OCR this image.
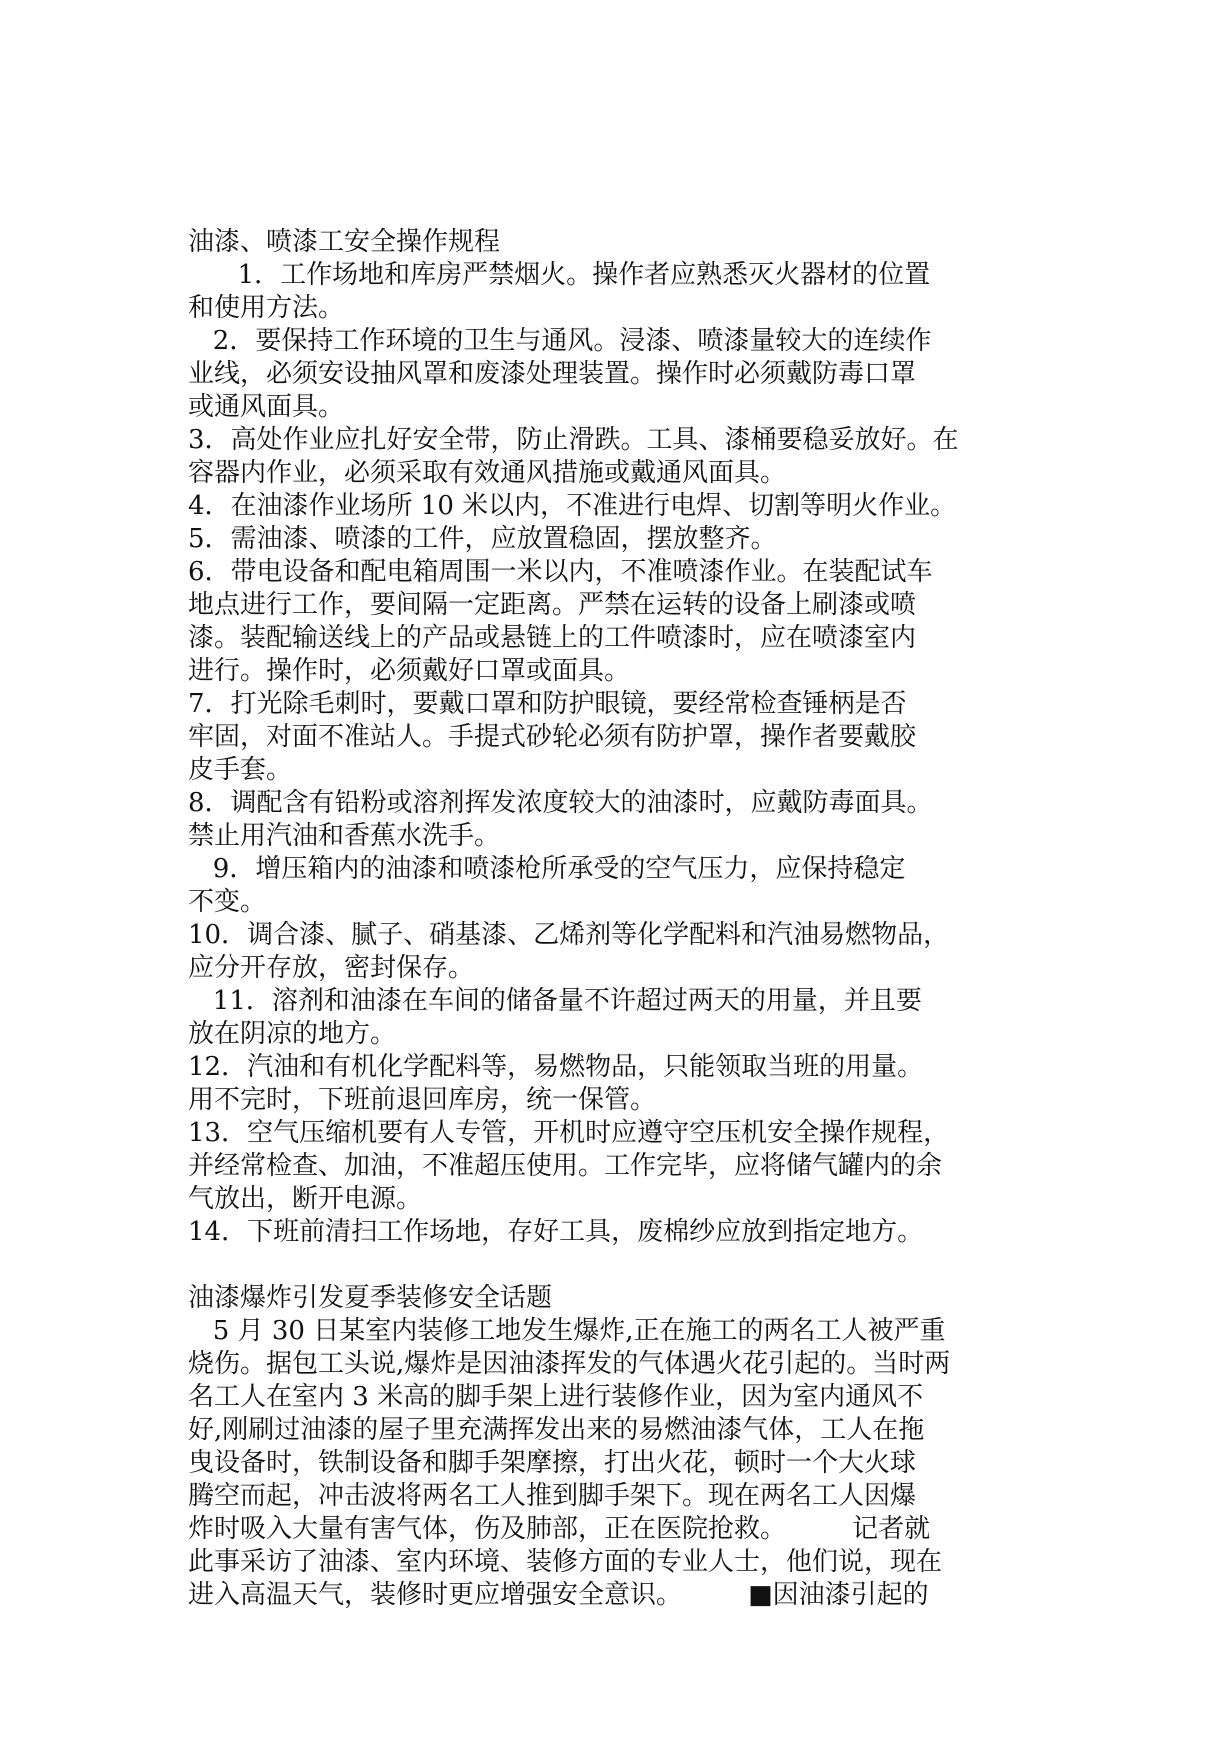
油漆、喷漆工安全操作规程
1．工作场地和库房严禁烟火。操作者应熟悉灭火器材的位置
和使用方法。
2．要保持工作环境的卫生与通风。浸漆、喷漆量较大的连续作
业线，必须安设抽风罩和废漆处理装置。操作时必须戴防毒口罩
或通风面具。
3．高处作业应扎好安全带，防止滑跌。工具、漆桶要稳妥放好。在
容器内作业，必须采取有效通风措施或戴通风面具。
4．在油漆作业场所 10 米以内，不准进行电焊、切割等明火作业。
5．需油漆、喷漆的工件，应放置稳固，摆放整齐。
6．带电设备和配电箱周围一米以内，不准喷漆作业。在装配试车
地点进行工作，要间隔一定距离。严禁在运转的设备上刷漆或喷
漆。装配输送线上的产品或悬链上的工件喷漆时，应在喷漆室内
进行。操作时，必须戴好口罩或面具。
7．打光除毛刺时，要戴口罩和防护眼镜，要经常检查锤柄是否
牢固，对面不准站人。手提式砂轮必须有防护罩，操作者要戴胶
皮手套。
8．调配含有铅粉或溶剂挥发浓度较大的油漆时，应戴防毒面具。
禁止用汽油和香蕉水洗手。
9．增压箱内的油漆和喷漆枪所承受的空气压力，应保持稳定
不变。
10．调合漆、腻子、硝基漆、乙烯剂等化学配料和汽油易燃物品，
应分开存放，密封保存。
11．溶剂和油漆在车间的储备量不许超过两天的用量，并且要
放在阴凉的地方。
12．汽油和有机化学配料等，易燃物品，只能领取当班的用量。
用不完时，下班前退回库房，统一保管。
13．空气压缩机要有人专管，开机时应遵守空压机安全操作规程，
并经常检查、加油，不准超压使用。工作完毕，应将储气罐内的余
气放出，断开电源。
14．下班前清扫工作场地，存好工具，废棉纱应放到指定地方。
油漆爆炸引发夏季装修安全话题
5 月 30 日某室内装修工地发生爆炸,正在施工的两名工人被严重
烧伤。据包工头说,爆炸是因油漆挥发的气体遇火花引起的。当时两
名工人在室内 3 米高的脚手架上进行装修作业，因为室内通风不
好,刚刷过油漆的屋子里充满挥发出来的易燃油漆气体，工人在拖
曳设备时，铁制设备和脚手架摩擦，打出火花，顿时一个大火球
腾空而起，冲击波将两名工人推到脚手架下。现在两名工人因爆
炸时吸入大量有害气体，伤及肺部，正在医院抢救。        记者就
此事采访了油漆、室内环境、装修方面的专业人士，他们说，现在
进入高温天气，装修时更应增强安全意识。        ■因油漆引起的
